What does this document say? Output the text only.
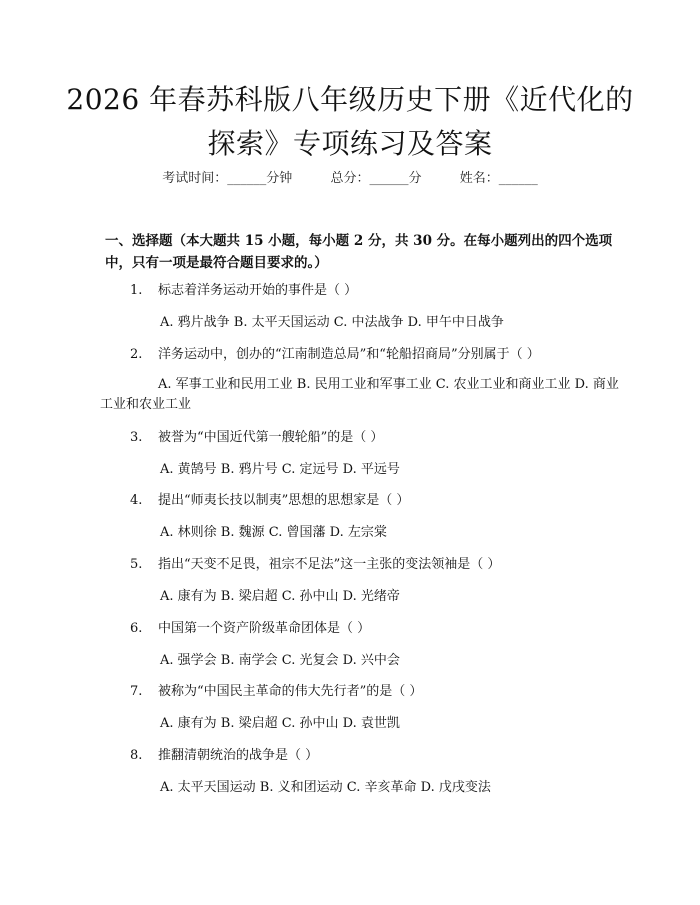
2026 年春苏科版八年级历史下册《近代化的
探索》专项练习及答案
考试时间：______分钟	总分：______分	姓名：______
一、选择题（本大题共 15 小题，每小题 2 分，共 30 分。在每小题列出的四个选项中，只有一项是最符合题目要求的。）
1. 标志着洋务运动开始的事件是（ ）
A. 鸦片战争 B. 太平天国运动 C. 中法战争 D. 甲午中日战争
2. 洋务运动中，创办的“江南制造总局”和“轮船招商局”分别属于（ ）
A. 军事工业和民用工业 B. 民用工业和军事工业 C. 农业工业和商业工业 D. 商业工业和农业工业
3. 被誉为“中国近代第一艘轮船”的是（ ）
A. 黄鹄号 B. 鸦片号 C. 定远号 D. 平远号
4. 提出“师夷长技以制夷”思想的思想家是（ ）
A. 林则徐 B. 魏源 C. 曾国藩 D. 左宗棠
5. 指出“天变不足畏，祖宗不足法”这一主张的变法领袖是（ ）
A. 康有为 B. 梁启超 C. 孙中山 D. 光绪帝
6. 中国第一个资产阶级革命团体是（ ）
A. 强学会 B. 南学会 C. 光复会 D. 兴中会
7. 被称为“中国民主革命的伟大先行者”的是（ ）
A. 康有为 B. 梁启超 C. 孙中山 D. 袁世凯
8. 推翻清朝统治的战争是（ ）
A. 太平天国运动 B. 义和团运动 C. 辛亥革命 D. 戊戌变法
